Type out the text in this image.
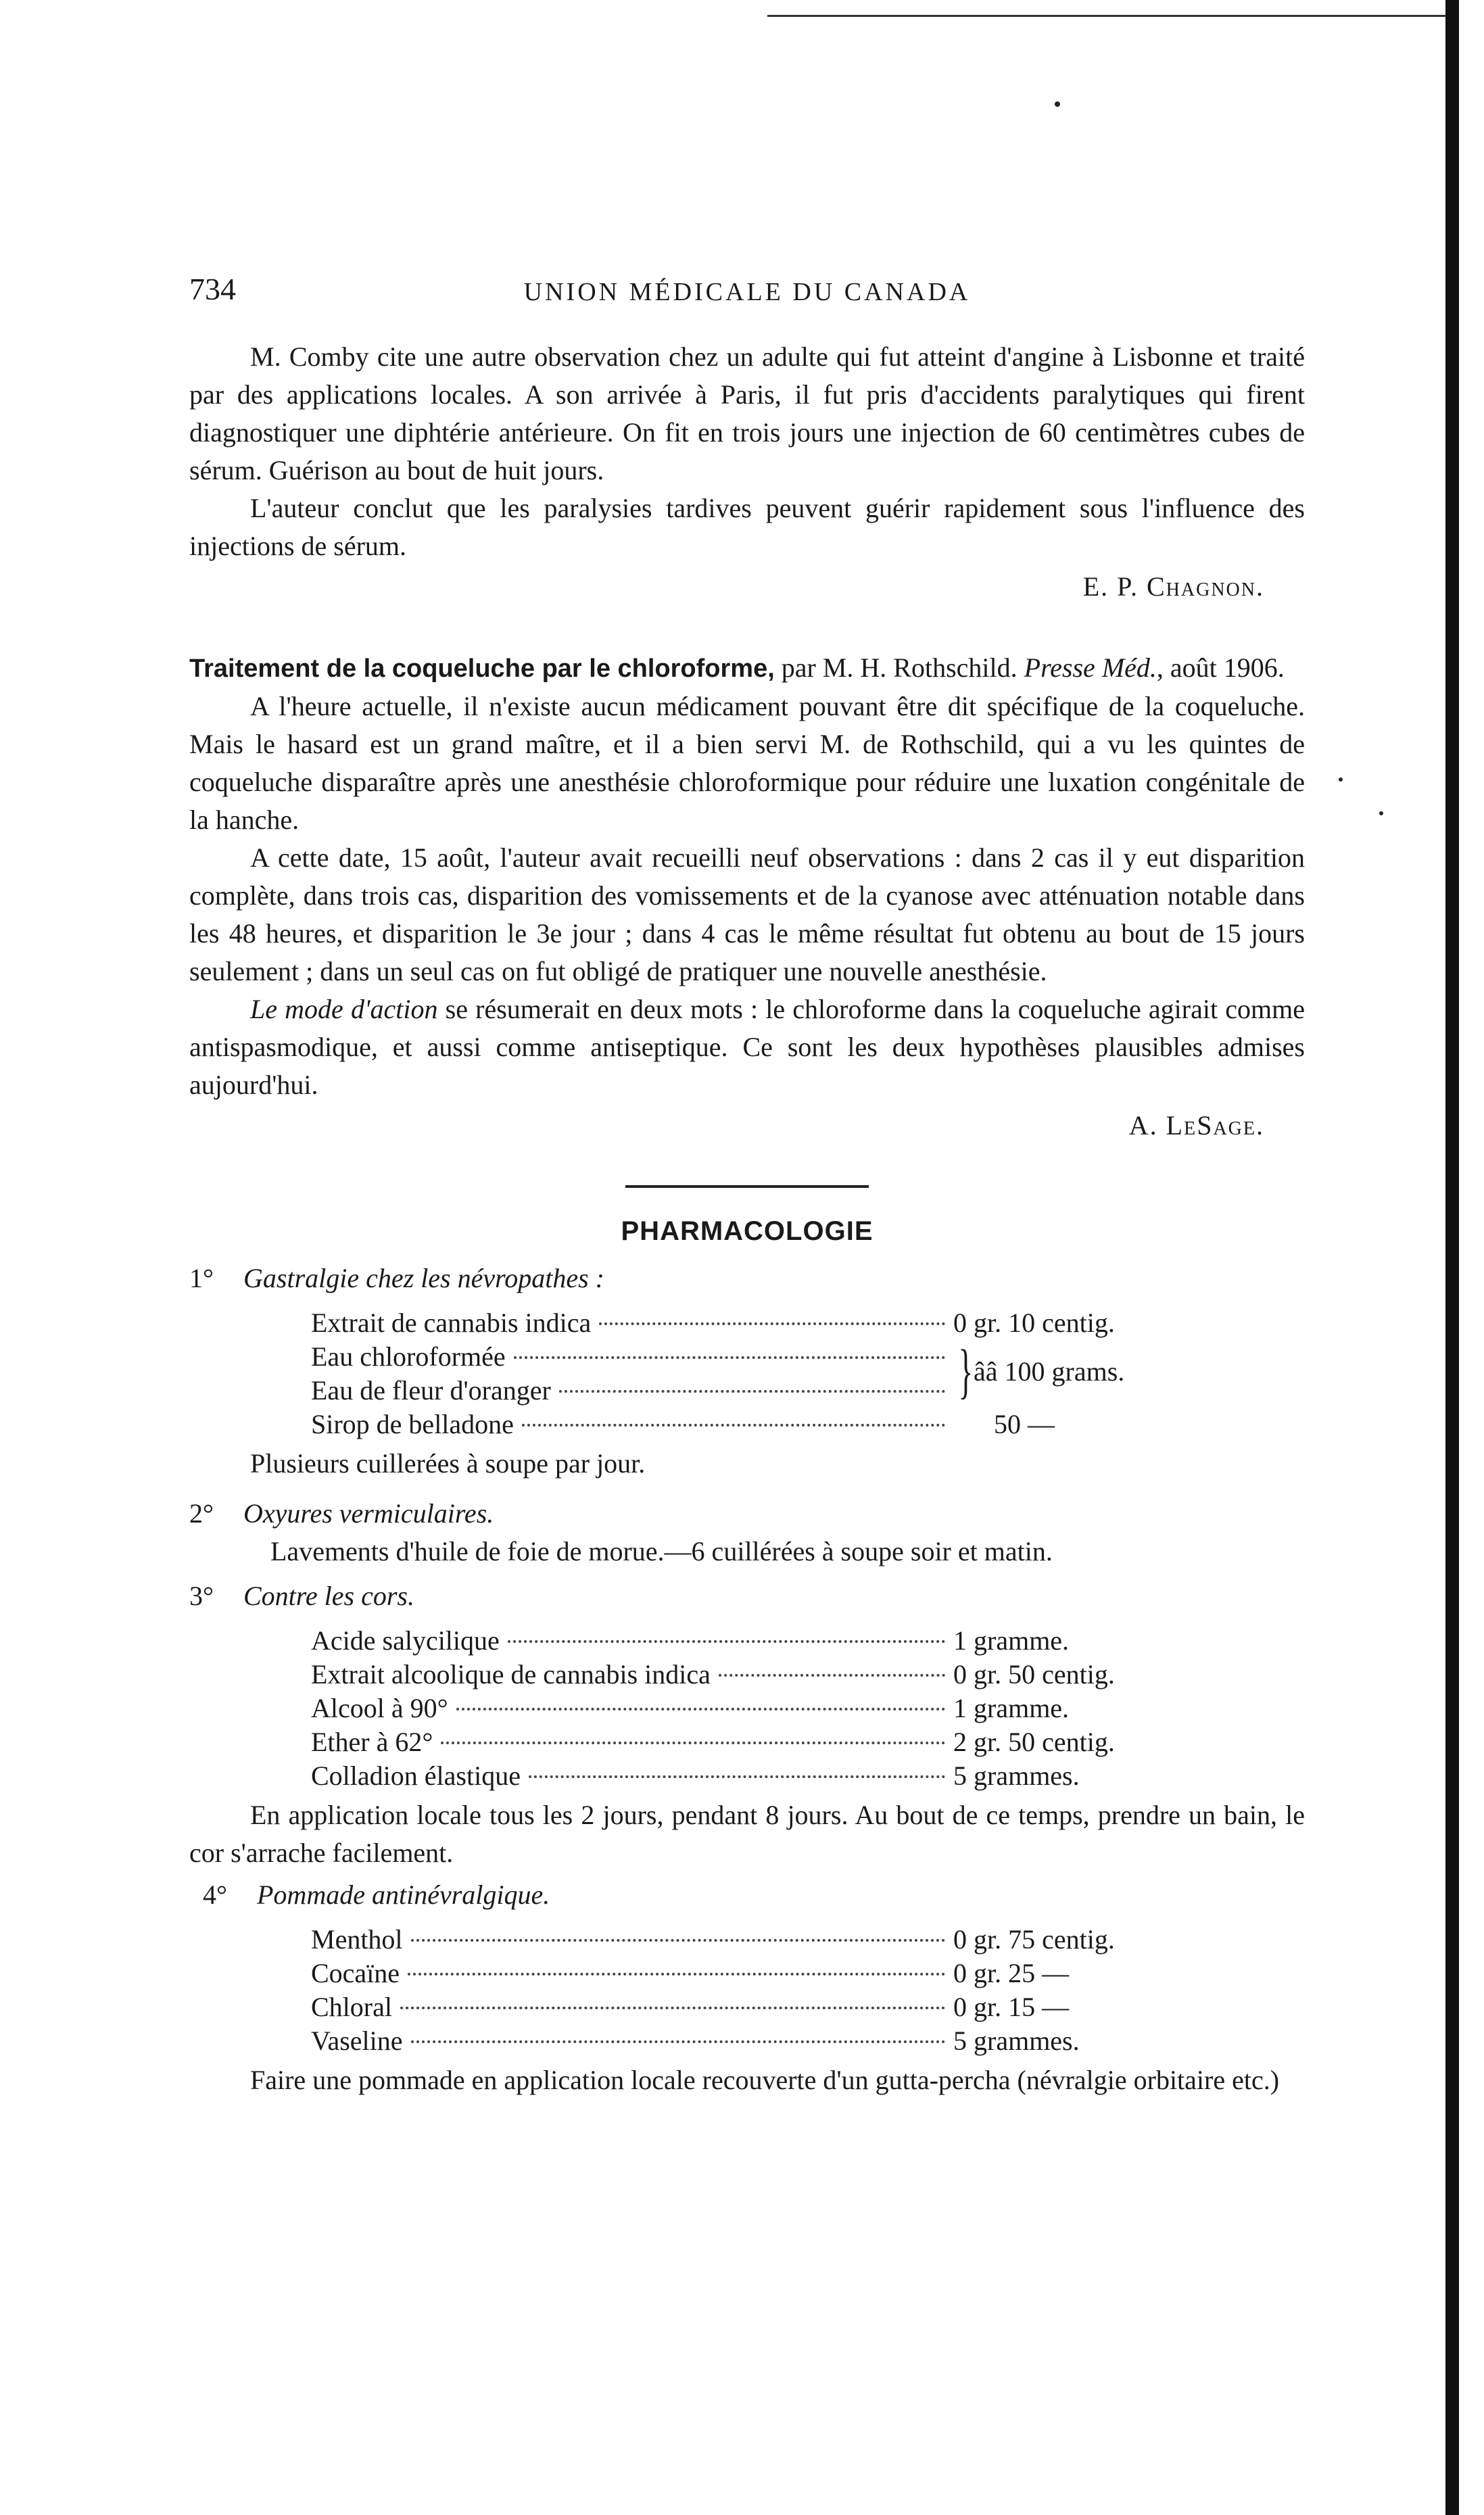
734	UNION MÉDICALE DU CANADA

M. Comby cite une autre observation chez un adulte qui fut atteint d'angine à Lisbonne et traité par des applications locales. A son arrivée à Paris, il fut pris d'accidents paralytiques qui firent diagnostiquer une diphtérie antérieure. On fit en trois jours une injection de 60 centimètres cubes de sérum. Guérison au bout de huit jours.

L'auteur conclut que les paralysies tardives peuvent guérir rapidement sous l'influence des injections de sérum.

E. P. Chagnon.

Traitement de la coqueluche par le chloroforme, par M. H. Rothschild. Presse Méd., août 1906.

A l'heure actuelle, il n'existe aucun médicament pouvant être dit spécifique de la coqueluche. Mais le hasard est un grand maître, et il a bien servi M. de Rothschild, qui a vu les quintes de coqueluche disparaître après une anesthésie chloroformique pour réduire une luxation congénitale de la hanche.

A cette date, 15 août, l'auteur avait recueilli neuf observations : dans 2 cas il y eut disparition complète, dans trois cas, disparition des vomissements et de la cyanose avec atténuation notable dans les 48 heures, et disparition le 3e jour ; dans 4 cas le même résultat fut obtenu au bout de 15 jours seulement ; dans un seul cas on fut obligé de pratiquer une nouvelle anesthésie.

Le mode d'action se résumerait en deux mots : le chloroforme dans la coqueluche agirait comme antispasmodique, et aussi comme antiseptique. Ce sont les deux hypothèses plausibles admises aujourd'hui.

A. LeSage.

PHARMACOLOGIE
1° Gastralgie chez les névropathes :
Extrait de cannabis indica	0 gr. 10 centig.
Eau chloroformée
Eau de fleur d'oranger	} ââ 100 grams.
Sirop de belladone	50 —

Plusieurs cuillerées à soupe par jour.

2° Oxyures vermiculaires.

Lavements d'huile de foie de morue.—6 cuillérées à soupe soir et matin.

3° Contre les cors.
Acide salycilique	1 gramme.
Extrait alcoolique de cannabis indica	0 gr. 50 centig.
Alcool à 90°	1 gramme.
Ether à 62°	2 gr. 50 centig.
Colladion élastique	5 grammes.

En application locale tous les 2 jours, pendant 8 jours. Au bout de ce temps, prendre un bain, le cor s'arrache facilement.

4° Pommade antinévralgique.
Menthol	0 gr. 75 centig.
Cocaïne	0 gr. 25 —
Chloral	0 gr. 15 —
Vaseline	5 grammes.

Faire une pommade en application locale recouverte d'un gutta-percha (névralgie orbitaire etc.)
